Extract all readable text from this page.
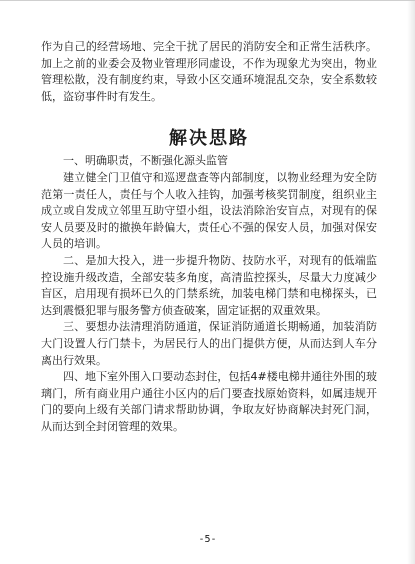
作为自己的经营场地、完全干扰了居民的消防安全和正常生活秩序。加上之前的业委会及物业管理形同虚设，不作为现象尤为突出，物业管理松散，没有制度约束，导致小区交通环境混乱交杂，安全系数较低，盗窃事件时有发生。

解决思路

一、明确职责，不断强化源头监管

建立健全门卫值守和巡逻盘查等内部制度，以物业经理为安全防范第一责任人，责任与个人收入挂钩，加强考核奖罚制度，组织业主成立或自发成立邻里互助守望小组，设法消除治安盲点，对现有的保安人员要及时的撤换年龄偏大，责任心不强的保安人员，加强对保安人员的培训。

二、是加大投入，进一步提升物防、技防水平，对现有的低端监控设施升级改造，全部安装多角度，高清监控探头，尽量大力度减少盲区，启用现有损坏已久的门禁系统，加装电梯门禁和电梯探头，已达到震慑犯罪与服务警方侦查破案，固定证据的双重效果。

三、要想办法清理消防通道，保证消防通道长期畅通，加装消防大门设置人行门禁卡，为居民行人的出门提供方便，从而达到人车分离出行效果。

四、地下室外围入口要动态封住，包括4#楼电梯井通往外围的玻璃门，所有商业用户通往小区内的后门要查找原始资料，如属违规开门的要向上级有关部门请求帮助协调，争取友好协商解决封死门洞，从而达到全封闭管理的效果。

-5-
